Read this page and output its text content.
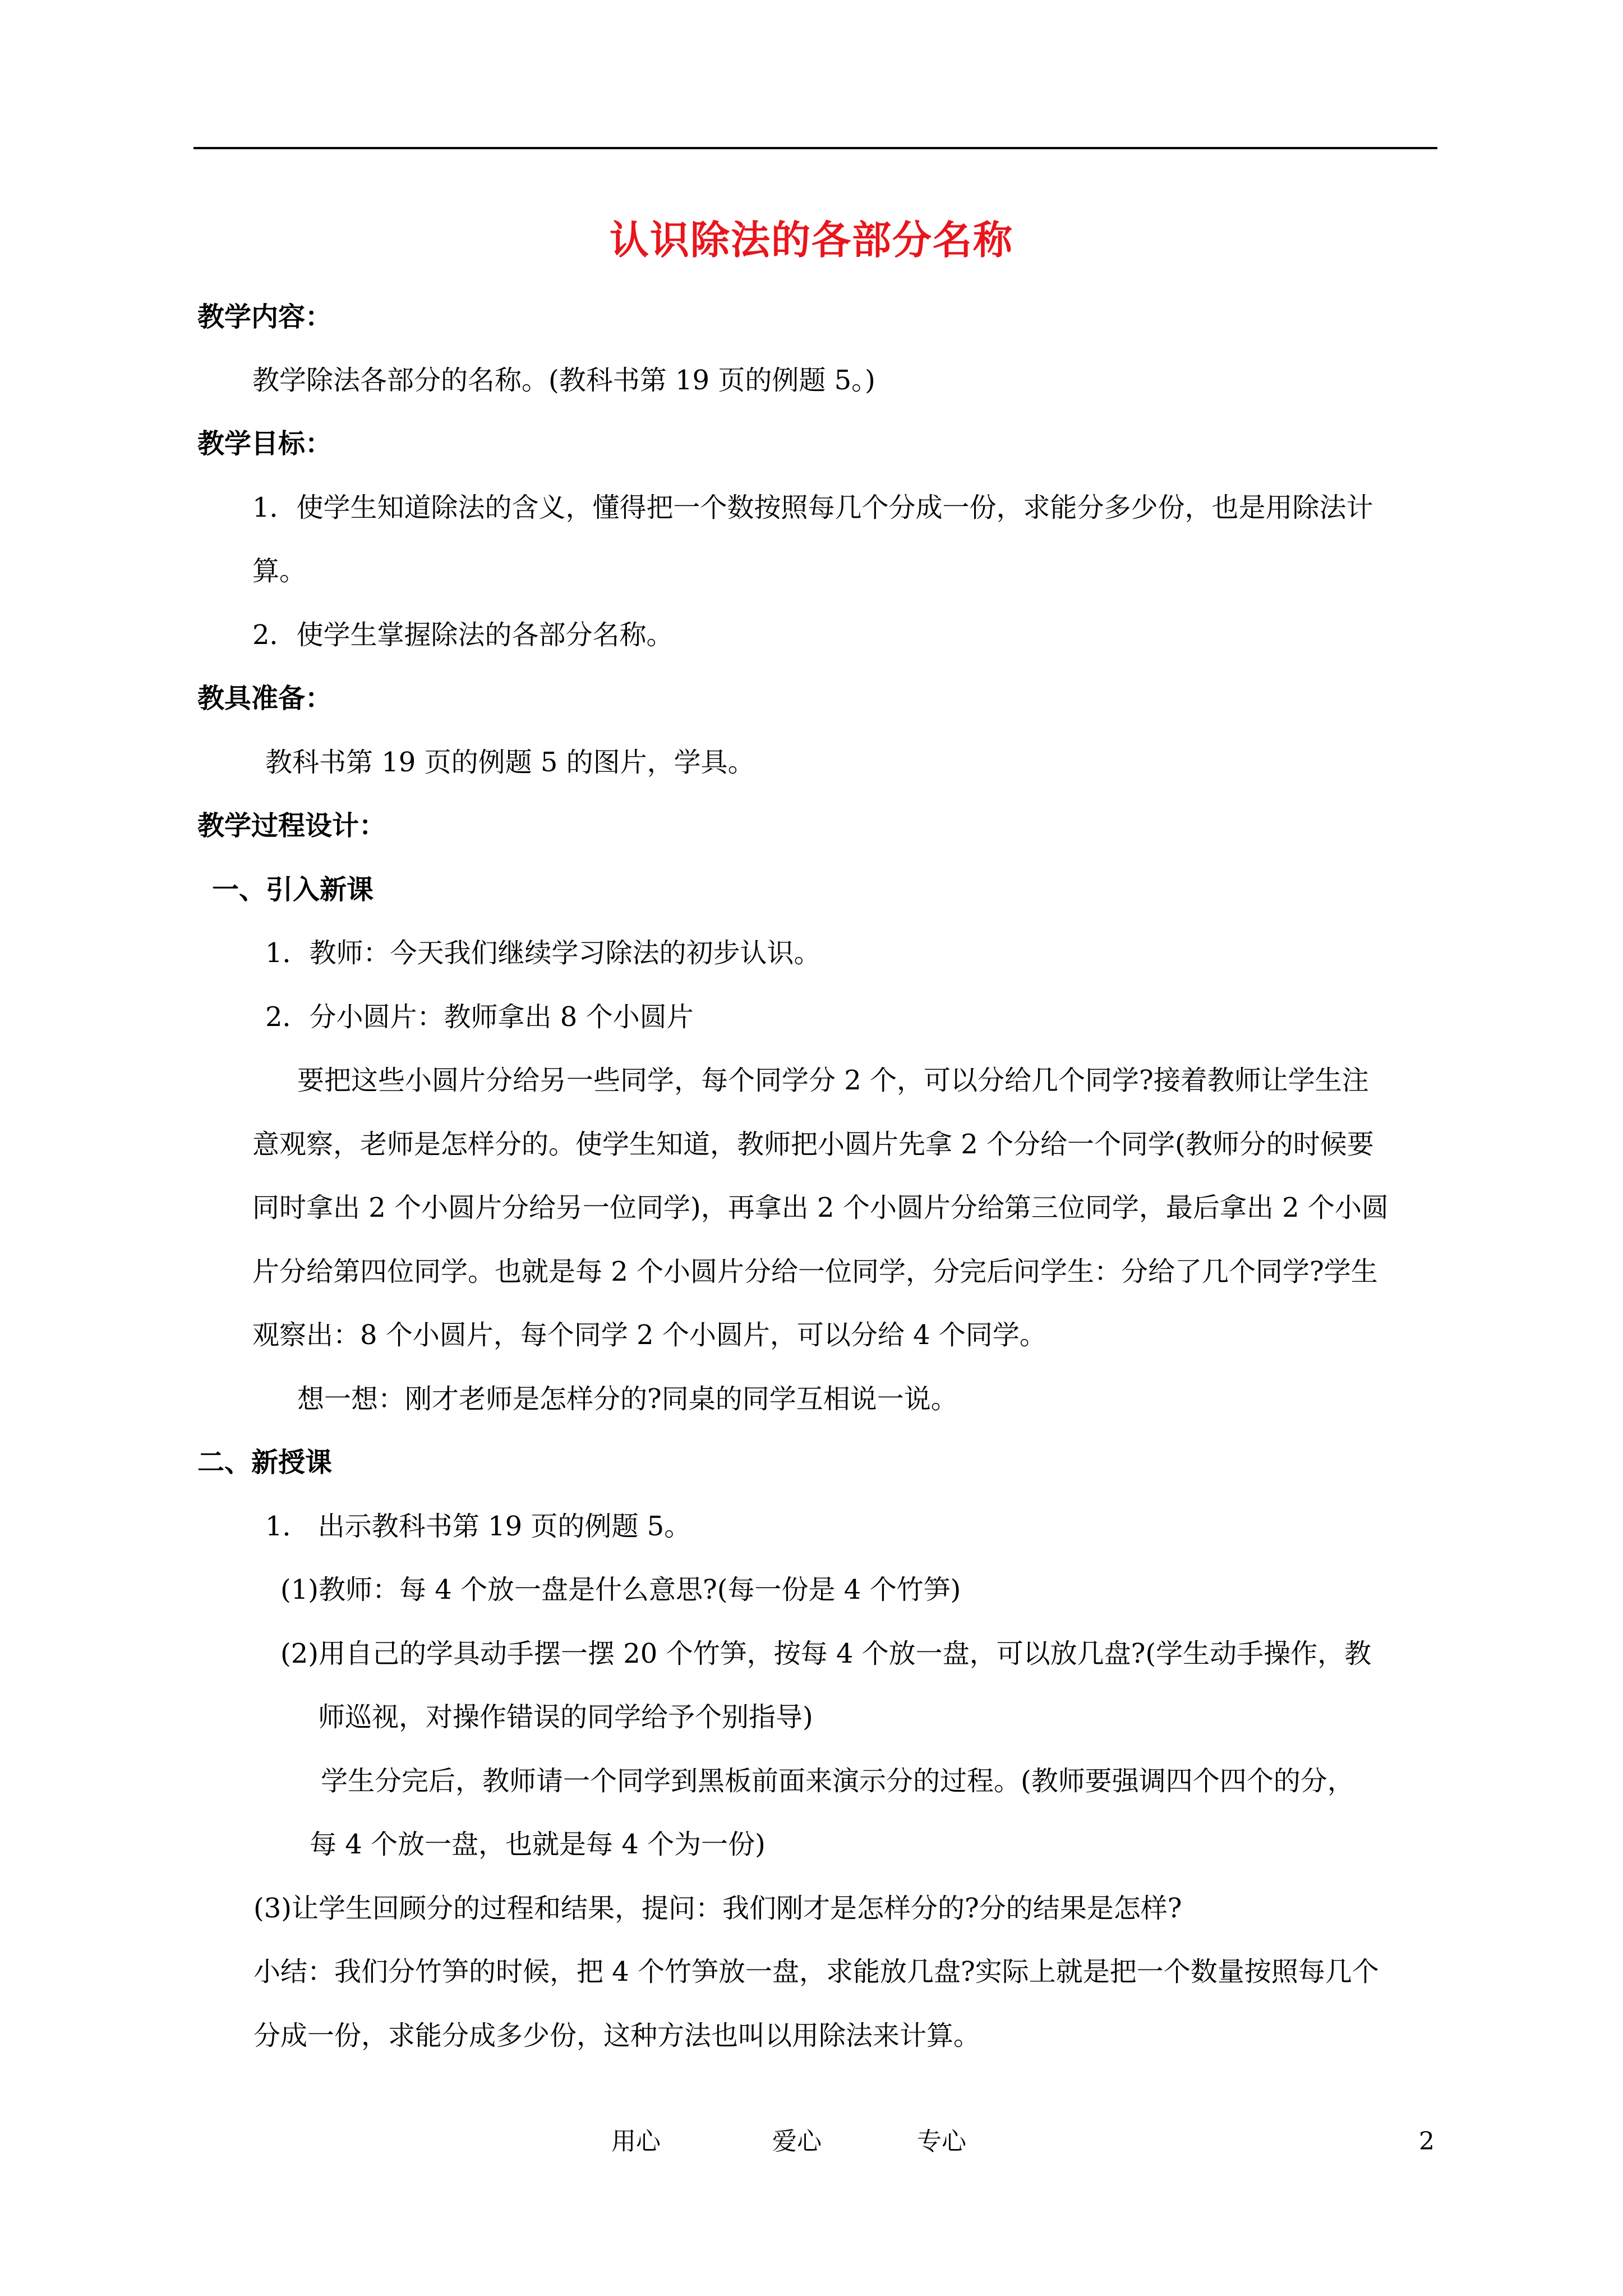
认识除法的各部分名称
教学内容：
教学除法各部分的名称。(教科书第 19 页的例题 5。)
教学目标：
1．使学生知道除法的含义，懂得把一个数按照每几个分成一份，求能分多少份，也是用除法计
算。
2．使学生掌握除法的各部分名称。
教具准备：
教科书第 19 页的例题 5 的图片，学具。
教学过程设计：
一、引入新课
1．教师：今天我们继续学习除法的初步认识。
2．分小圆片：教师拿出 8 个小圆片
要把这些小圆片分给另一些同学，每个同学分 2 个，可以分给几个同学?接着教师让学生注
意观察，老师是怎样分的。使学生知道，教师把小圆片先拿 2 个分给一个同学(教师分的时候要
同时拿出 2 个小圆片分给另一位同学)，再拿出 2 个小圆片分给第三位同学，最后拿出 2 个小圆
片分给第四位同学。也就是每 2 个小圆片分给一位同学，分完后问学生：分给了几个同学?学生
观察出：8 个小圆片，每个同学 2 个小圆片，可以分给 4 个同学。
想一想：刚才老师是怎样分的?同桌的同学互相说一说。
二、新授课
1． 出示教科书第 19 页的例题 5。
(1)教师：每 4 个放一盘是什么意思?(每一份是 4 个竹笋)
(2)用自己的学具动手摆一摆 20 个竹笋，按每 4 个放一盘，可以放几盘?(学生动手操作，教
师巡视，对操作错误的同学给予个别指导)
学生分完后，教师请一个同学到黑板前面来演示分的过程。(教师要强调四个四个的分，
每 4 个放一盘，也就是每 4 个为一份)
(3)让学生回顾分的过程和结果，提问：我们刚才是怎样分的?分的结果是怎样?
小结：我们分竹笋的时候，把 4 个竹笋放一盘，求能放几盘?实际上就是把一个数量按照每几个
分成一份，求能分成多少份，这种方法也叫以用除法来计算。
用心	爱心	专心	2
